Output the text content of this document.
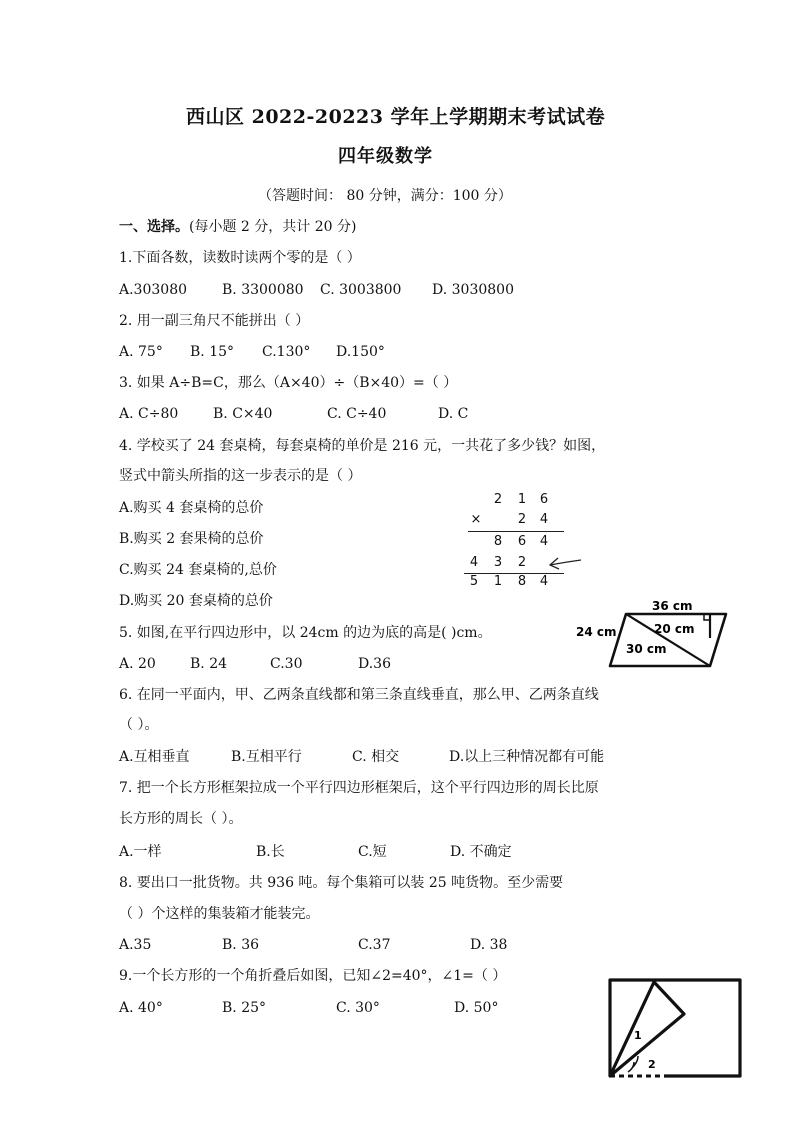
西山区 2022-20223 学年上学期期末考试试卷
四年级数学
（答题时间： 80 分钟，满分：100 分）
一、选择。(每小题 2 分，共计 20 分)
1.下面各数，读数时读两个零的是（ ）
A.303080 B. 3300080 C. 3003800 D. 3030800
2. 用一副三角尺不能拼出（ ）
A. 75° B. 15° C.130° D.150°
3. 如果 A÷B=C，那么（A×40）÷（B×40）=（ ）
A. C÷80 B. C×40	C. C÷40	D. C
4. 学校买了 24 套桌椅，每套桌椅的单价是 216 元，一共花了多少钱？如图，
竖式中箭头所指的这一步表示的是（ ）
A.购买 4 套桌椅的总价
B.购买 2 套果椅的总价
C.购买 24 套桌椅的,总价
D.购买 20 套桌椅的总价
2 1 6
×	2 4
8 6 4
4 3 2
5 1 8 4
5. 如图,在平行四边形中，以 24cm 的边为底的高是( )cm。
A. 20 B. 24	C.30	D.36
36 cm
20 cm
24 cm
30 cm
6. 在同一平面内，甲、乙两条直线都和第三条直线垂直，那么甲、乙两条直线
（ ）。
A.互相垂直	B.互相平行	C. 相交	D.以上三种情况都有可能
7. 把一个长方形框架拉成一个平行四边形框架后，这个平行四边形的周长比原
长方形的周长（ ）。
A.一样	B.长	C.短	D. 不确定
8. 要出口一批货物。共 936 吨。每个集箱可以装 25 吨货物。至少需要
（ ）个这样的集装箱才能装完。
A.35	B. 36	C.37	D. 38
9.一个长方形的一个角折叠后如图，已知∠2=40°，∠1=（ ）
A. 40°	B. 25°	C. 30°	D. 50°
1
2
